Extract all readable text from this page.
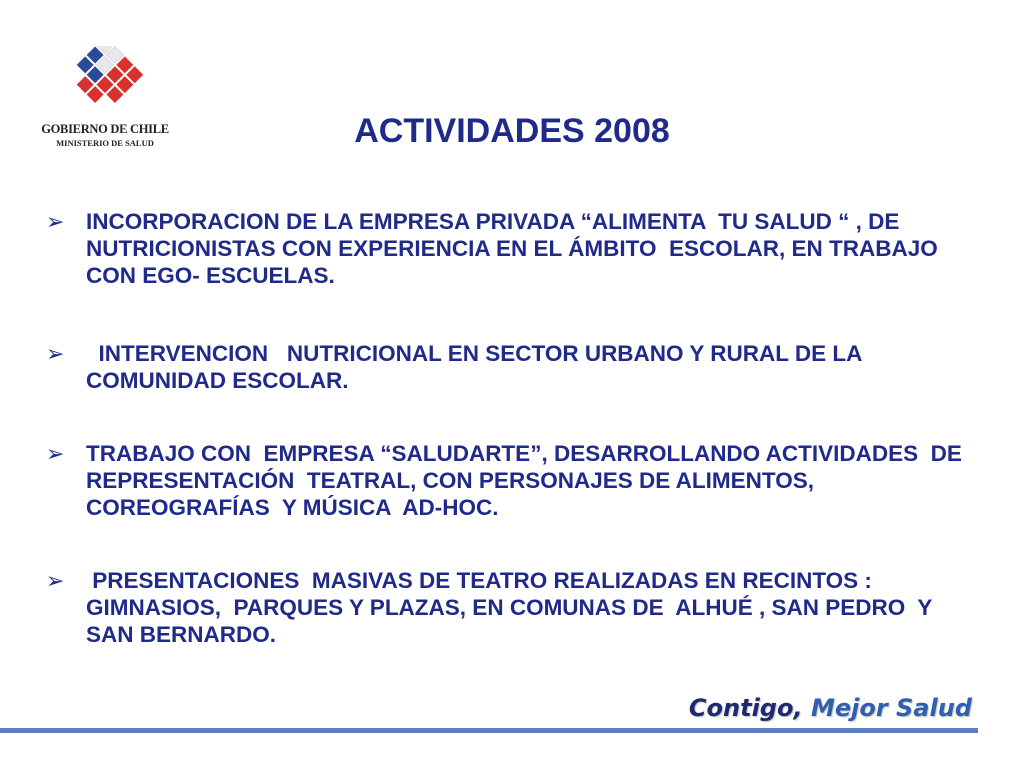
GOBIERNO DE CHILE
MINISTERIO DE SALUD	ACTIVIDADES 2008
➢ INCORPORACION DE LA EMPRESA PRIVADA “ALIMENTA  TU SALUD “ , DE  NUTRICIONISTAS CON EXPERIENCIA EN EL ÁMBITO  ESCOLAR, EN TRABAJO CON EGO- ESCUELAS.
➢ INTERVENCION   NUTRICIONAL EN SECTOR URBANO Y RURAL DE LA COMUNIDAD ESCOLAR.
➢ TRABAJO CON  EMPRESA “SALUDARTE”, DESARROLLANDO ACTIVIDADES  DE REPRESENTACIÓN  TEATRAL, CON PERSONAJES DE ALIMENTOS, COREOGRAFÍAS  Y MÚSICA  AD-HOC.
➢ PRESENTACIONES  MASIVAS DE TEATRO REALIZADAS EN RECINTOS : GIMNASIOS,  PARQUES Y PLAZAS, EN COMUNAS DE  ALHUÉ , SAN PEDRO  Y  SAN BERNARDO.
Contigo, Mejor Salud
